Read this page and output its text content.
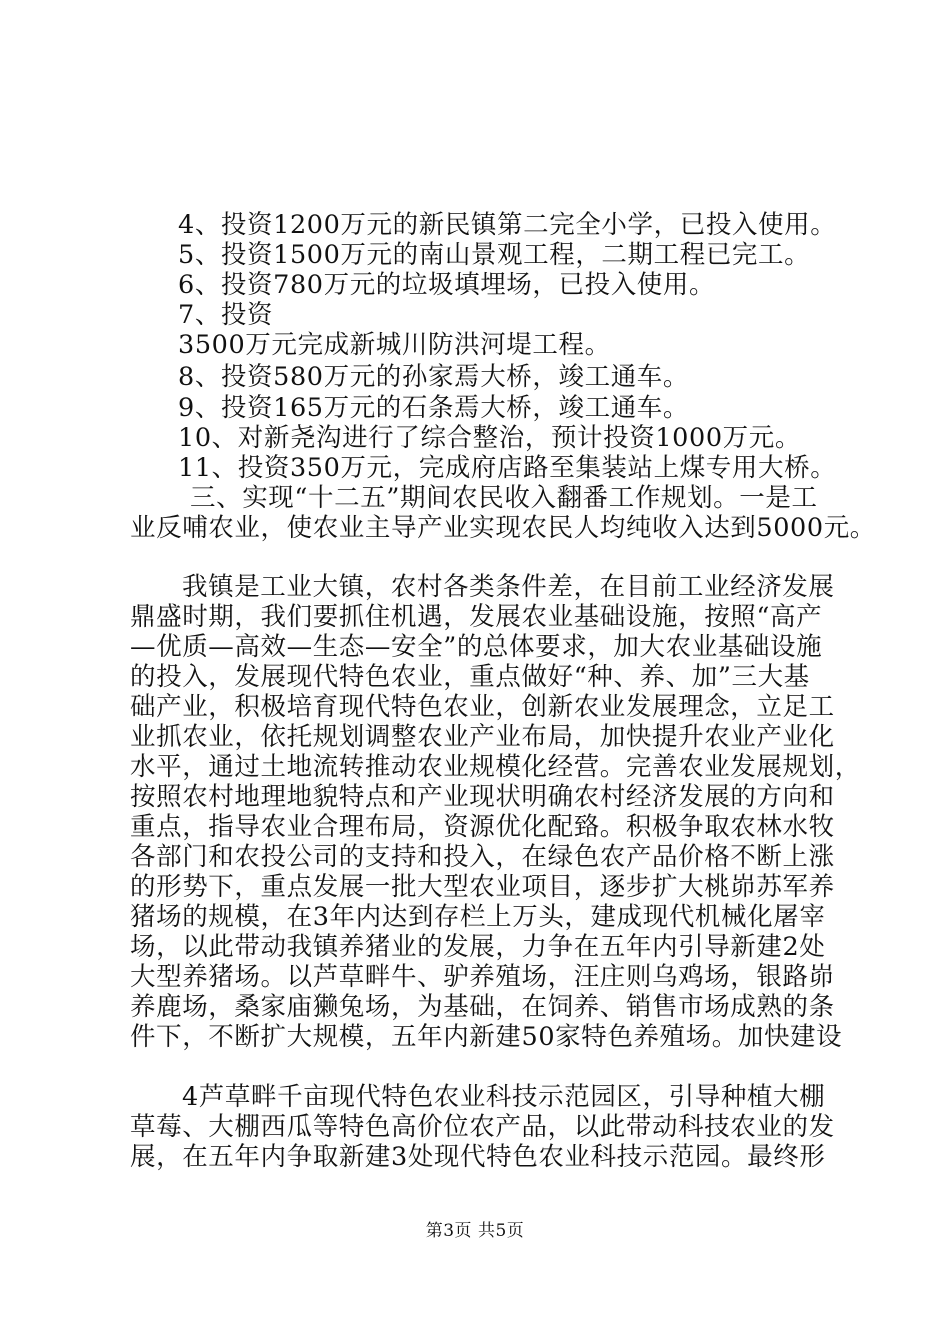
4、投资1200万元的新民镇第二完全小学，已投入使用。
5、投资1500万元的南山景观工程，二期工程已完工。
6、投资780万元的垃圾填埋场，已投入使用。
7、投资
3500万元完成新城川防洪河堤工程。
8、投资580万元的孙家焉大桥，竣工通车。
9、投资165万元的石条焉大桥，竣工通车。
10、对新尧沟进行了综合整治，预计投资1000万元。
11、投资350万元，完成府店路至集装站上煤专用大桥。
三、实现“十二五”期间农民收入翻番工作规划。一是工
业反哺农业，使农业主导产业实现农民人均纯收入达到5000元。
我镇是工业大镇，农村各类条件差，在目前工业经济发展
鼎盛时期，我们要抓住机遇，发展农业基础设施，按照“高产
—优质—高效—生态—安全”的总体要求，加大农业基础设施
的投入，发展现代特色农业，重点做好“种、养、加”三大基
础产业，积极培育现代特色农业，创新农业发展理念，立足工
业抓农业，依托规划调整农业产业布局，加快提升农业产业化
水平，通过土地流转推动农业规模化经营。完善农业发展规划，
按照农村地理地貌特点和产业现状明确农村经济发展的方向和
重点，指导农业合理布局，资源优化配臵。积极争取农林水牧
各部门和农投公司的支持和投入，在绿色农产品价格不断上涨
的形势下，重点发展一批大型农业项目，逐步扩大桃峁苏军养
猪场的规模，在3年内达到存栏上万头，建成现代机械化屠宰
场，以此带动我镇养猪业的发展，力争在五年内引导新建2处
大型养猪场。以芦草畔牛、驴养殖场，汪庄则乌鸡场，银路峁
养鹿场，桑家庙獭兔场，为基础，在饲养、销售市场成熟的条
件下，不断扩大规模，五年内新建50家特色养殖场。加快建设
4芦草畔千亩现代特色农业科技示范园区，引导种植大棚
草莓、大棚西瓜等特色高价位农产品，以此带动科技农业的发
展，在五年内争取新建3处现代特色农业科技示范园。最终形
第3页 共5页
